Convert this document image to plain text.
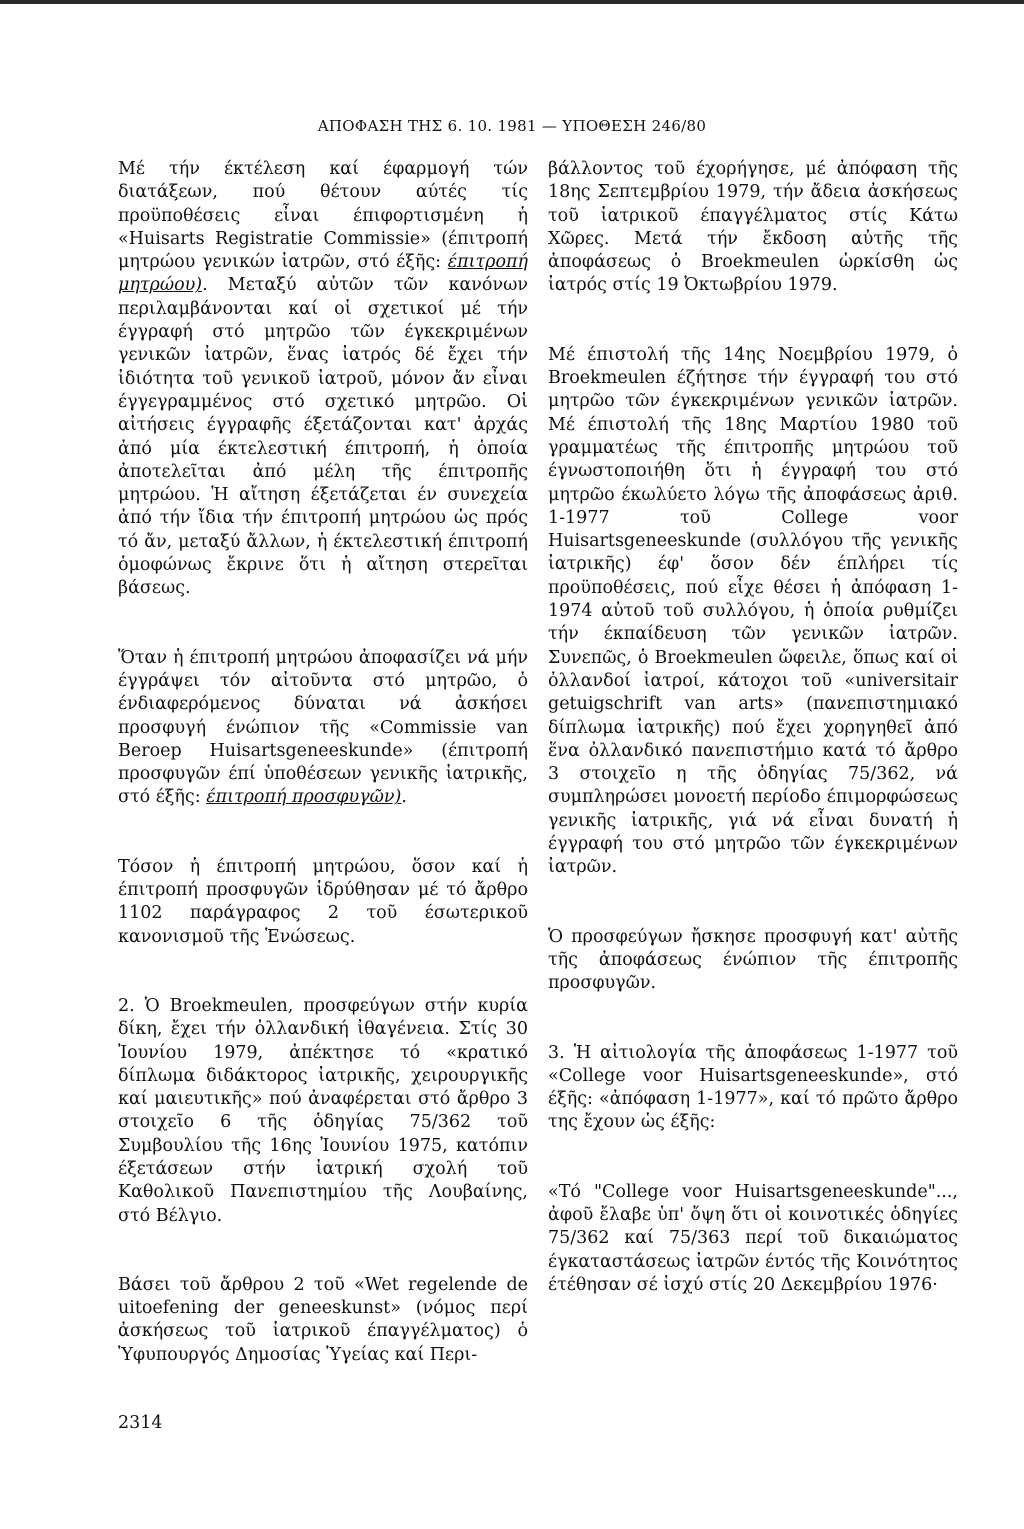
ΑΠΟΦΑΣΗ ΤΗΣ 6. 10. 1981 — ΥΠΟΘΕΣΗ 246/80

Μέ τήν έκτέλεση καί έφαρμογή τών διατάξεων, πού θέτουν αύτές τίς προϋποθέσεις εἶναι έπιφορτισμένη ἡ «Huisarts Registratie Commissie» (έπιτροπή μητρώου γενικών ἰατρῶν, στό έξῆς: έπιτροπή μητρώου). Μεταξύ αὐτῶν τῶν κανόνων περιλαμβάνονται καί οἱ σχετικοί μέ τήν έγγραφή στό μητρῶο τῶν έγκεκριμένων γενικῶν ἰατρῶν, ἕνας ἰατρός δέ ἔχει τήν ἰδιότητα τοῦ γενικοῦ ἰατροῦ, μόνον ἄν εἶναι έγγεγραμμένος στό σχετικό μητρῶο. Οἱ αἰτήσεις έγγραφῆς έξετάζονται κατ' ἀρχάς ἀπό μία έκτελεστική έπιτροπή, ἡ ὁποία ἀποτελεῖται ἀπό μέλη τῆς έπιτροπῆς μητρώου. Ἡ αἴτηση έξετάζεται έν συνεχεία ἀπό τήν ἴδια τήν έπιτροπή μητρώου ὡς πρός τό ἄν, μεταξύ ἄλλων, ἡ έκτελεστική έπιτροπή ὁμοφώνως ἔκρινε ὅτι ἡ αἴτηση στερεῖται βάσεως.

Ὅταν ἡ έπιτροπή μητρώου ἀποφασίζει νά μήν έγγράψει τόν αἰτοῦντα στό μητρῶο, ὁ ένδιαφερόμενος δύναται νά ἀσκήσει προσφυγή ένώπιον τῆς «Commissie van Beroep Huisartsgeneeskunde» (έπιτροπή προσφυγῶν έπί ὑποθέσεων γενικῆς ἰατρικῆς, στό έξῆς: έπιτροπή προσφυγῶν).

Τόσον ἡ έπιτροπή μητρώου, ὅσον καί ἡ έπιτροπή προσφυγῶν ἱδρύθησαν μέ τό ἄρθρο 1102 παράγραφος 2 τοῦ έσωτερικοῦ κανονισμοῦ τῆς Ἑνώσεως.

2. Ὁ Broekmeulen, προσφεύγων στήν κυρία δίκη, ἔχει τήν ὀλλανδική ἰθαγένεια. Στίς 30 Ἰουνίου 1979, ἀπέκτησε τό «κρατικό δίπλωμα διδάκτορος ἰατρικῆς, χειρουργικῆς καί μαιευτικῆς» πού ἀναφέρεται στό ἄρθρο 3 στοιχεῖο 6 τῆς ὁδηγίας 75/362 τοῦ Συμβουλίου τῆς 16ης Ἰουνίου 1975, κατόπιν έξετάσεων στήν ἰατρική σχολή τοῦ Καθολικοῦ Πανεπιστημίου τῆς Λουβαίνης, στό Βέλγιο.

Βάσει τοῦ ἄρθρου 2 τοῦ «Wet regelende de uitoefening der geneeskunst» (νόμος περί ἀσκήσεως τοῦ ἰατρικοῦ έπαγγέλματος) ὁ Ὑφυπουργός Δημοσίας Ὑγείας καί Περι-

βάλλοντος τοῦ έχορήγησε, μέ ἀπόφαση τῆς 18ης Σεπτεμβρίου 1979, τήν ἄδεια ἀσκήσεως τοῦ ἰατρικοῦ έπαγγέλματος στίς Κάτω Χῶρες. Μετά τήν ἔκδοση αὐτῆς τῆς ἀποφάσεως ὁ Broekmeulen ὡρκίσθη ὡς ἰατρός στίς 19 Ὀκτωβρίου 1979.

Μέ έπιστολή τῆς 14ης Νοεμβρίου 1979, ὁ Broekmeulen έζήτησε τήν έγγραφή του στό μητρῶο τῶν έγκεκριμένων γενικῶν ἰατρῶν. Μέ έπιστολή τῆς 18ης Μαρτίου 1980 τοῦ γραμματέως τῆς έπιτροπῆς μητρώου τοῦ έγνωστοποιήθη ὅτι ἡ έγγραφή του στό μητρῶο έκωλύετο λόγω τῆς ἀποφάσεως ἀριθ. 1-1977 τοῦ College voor Huisartsgeneeskunde (συλλόγου τῆς γενικῆς ἰατρικῆς) έφ' ὅσον δέν έπλήρει τίς προϋποθέσεις, πού εἶχε θέσει ἡ ἀπόφαση 1-1974 αὐτοῦ τοῦ συλλόγου, ἡ ὁποία ρυθμίζει τήν έκπαίδευση τῶν γενικῶν ἰατρῶν. Συνεπῶς, ὁ Broekmeulen ὤφειλε, ὅπως καί οἱ ὀλλανδοί ἰατροί, κάτοχοι τοῦ «universitair getuigschrift van arts» (πανεπιστημιακό δίπλωμα ἰατρικῆς) πού ἔχει χορηγηθεῖ ἀπό ἕνα ὀλλανδικό πανεπιστήμιο κατά τό ἄρθρο 3 στοιχεῖο η τῆς ὁδηγίας 75/362, νά συμπληρώσει μονοετή περίοδο έπιμορφώσεως γενικῆς ἰατρικῆς, γιά νά εἶναι δυνατή ἡ έγγραφή του στό μητρῶο τῶν έγκεκριμένων ἰατρῶν.

Ὁ προσφεύγων ἤσκησε προσφυγή κατ' αὐτῆς τῆς ἀποφάσεως ένώπιον τῆς έπιτροπῆς προσφυγῶν.

3. Ἡ αἰτιολογία τῆς ἀποφάσεως 1-1977 τοῦ «College voor Huisartsgeneeskunde», στό έξῆς: «ἀπόφαση 1-1977», καί τό πρῶτο ἄρθρο της ἔχουν ὡς έξῆς:

«Τό "College voor Huisartsgeneeskunde"..., ἀφοῦ ἔλαβε ὑπ' ὄψη ὅτι οἱ κοινοτικές ὁδηγίες 75/362 καί 75/363 περί τοῦ δικαιώματος έγκαταστάσεως ἰατρῶν έντός τῆς Κοινότητος έτέθησαν σέ ἰσχύ στίς 20 Δεκεμβρίου 1976·

2314
